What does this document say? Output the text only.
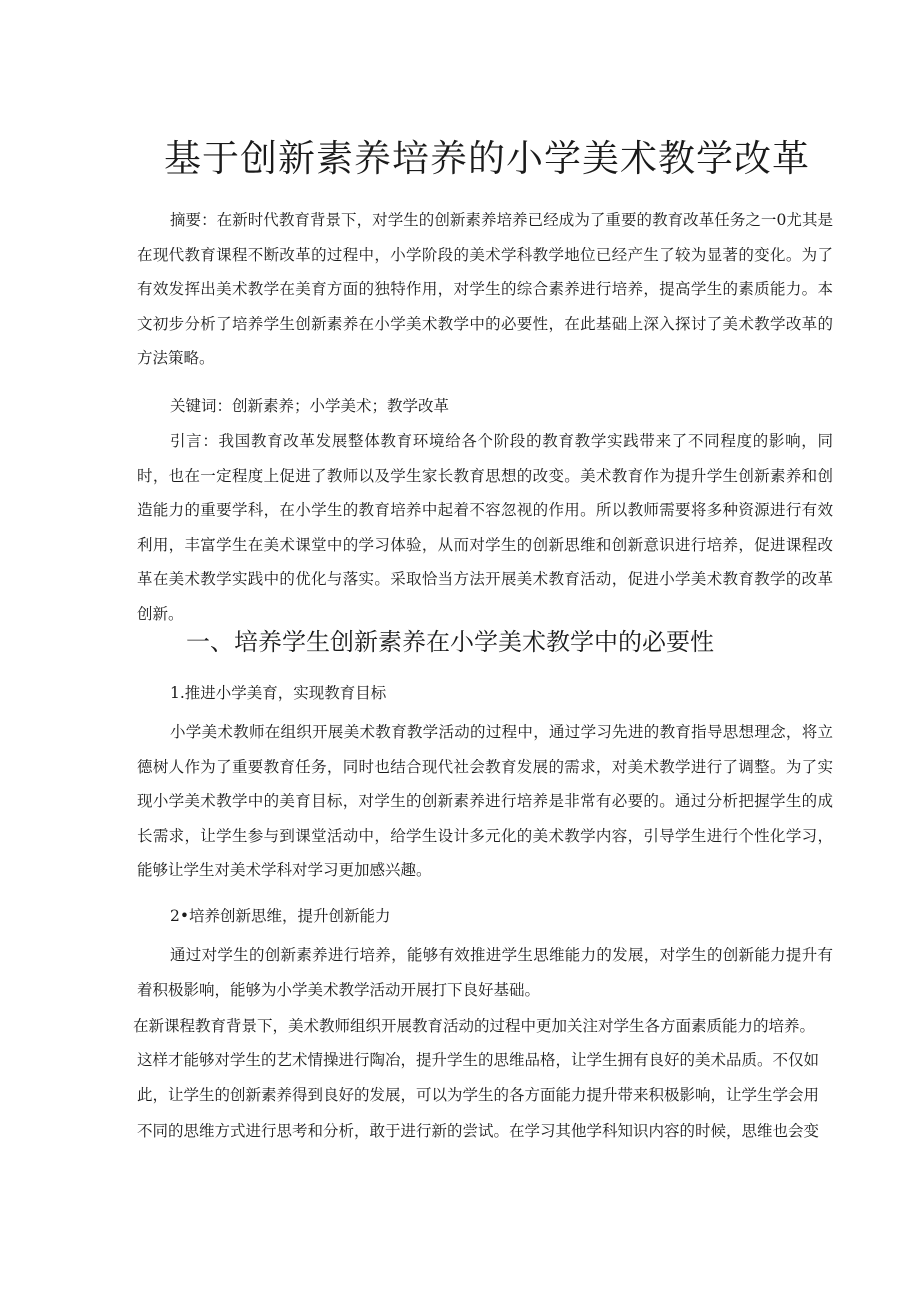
基于创新素养培养的小学美术教学改革

摘要：在新时代教育背景下，对学生的创新素养培养已经成为了重要的教育改革任务之一0尤其是在现代教育课程不断改革的过程中，小学阶段的美术学科教学地位已经产生了较为显著的变化。为了有效发挥出美术教学在美育方面的独特作用，对学生的综合素养进行培养，提高学生的素质能力。本文初步分析了培养学生创新素养在小学美术教学中的必要性，在此基础上深入探讨了美术教学改革的方法策略。

关键词：创新素养；小学美术；教学改革

引言：我国教育改革发展整体教育环境给各个阶段的教育教学实践带来了不同程度的影响，同时，也在一定程度上促进了教师以及学生家长教育思想的改变。美术教育作为提升学生创新素养和创造能力的重要学科，在小学生的教育培养中起着不容忽视的作用。所以教师需要将多种资源进行有效利用，丰富学生在美术课堂中的学习体验，从而对学生的创新思维和创新意识进行培养，促进课程改革在美术教学实践中的优化与落实。采取恰当方法开展美术教育活动，促进小学美术教育教学的改革创新。

一、培养学生创新素养在小学美术教学中的必要性

1.推进小学美育，实现教育目标

小学美术教师在组织开展美术教育教学活动的过程中，通过学习先进的教育指导思想理念，将立德树人作为了重要教育任务，同时也结合现代社会教育发展的需求，对美术教学进行了调整。为了实现小学美术教学中的美育目标，对学生的创新素养进行培养是非常有必要的。通过分析把握学生的成长需求，让学生参与到课堂活动中，给学生设计多元化的美术教学内容，引导学生进行个性化学习，能够让学生对美术学科对学习更加感兴趣。

2•培养创新思维，提升创新能力

通过对学生的创新素养进行培养，能够有效推进学生思维能力的发展，对学生的创新能力提升有着积极影响，能够为小学美术教学活动开展打下良好基础。

在新课程教育背景下，美术教师组织开展教育活动的过程中更加关注对学生各方面素质能力的培养。

这样才能够对学生的艺术情操进行陶冶，提升学生的思维品格，让学生拥有良好的美术品质。不仅如

此，让学生的创新素养得到良好的发展，可以为学生的各方面能力提升带来积极影响，让学生学会用

不同的思维方式进行思考和分析，敢于进行新的尝试。在学习其他学科知识内容的时候，思维也会变
